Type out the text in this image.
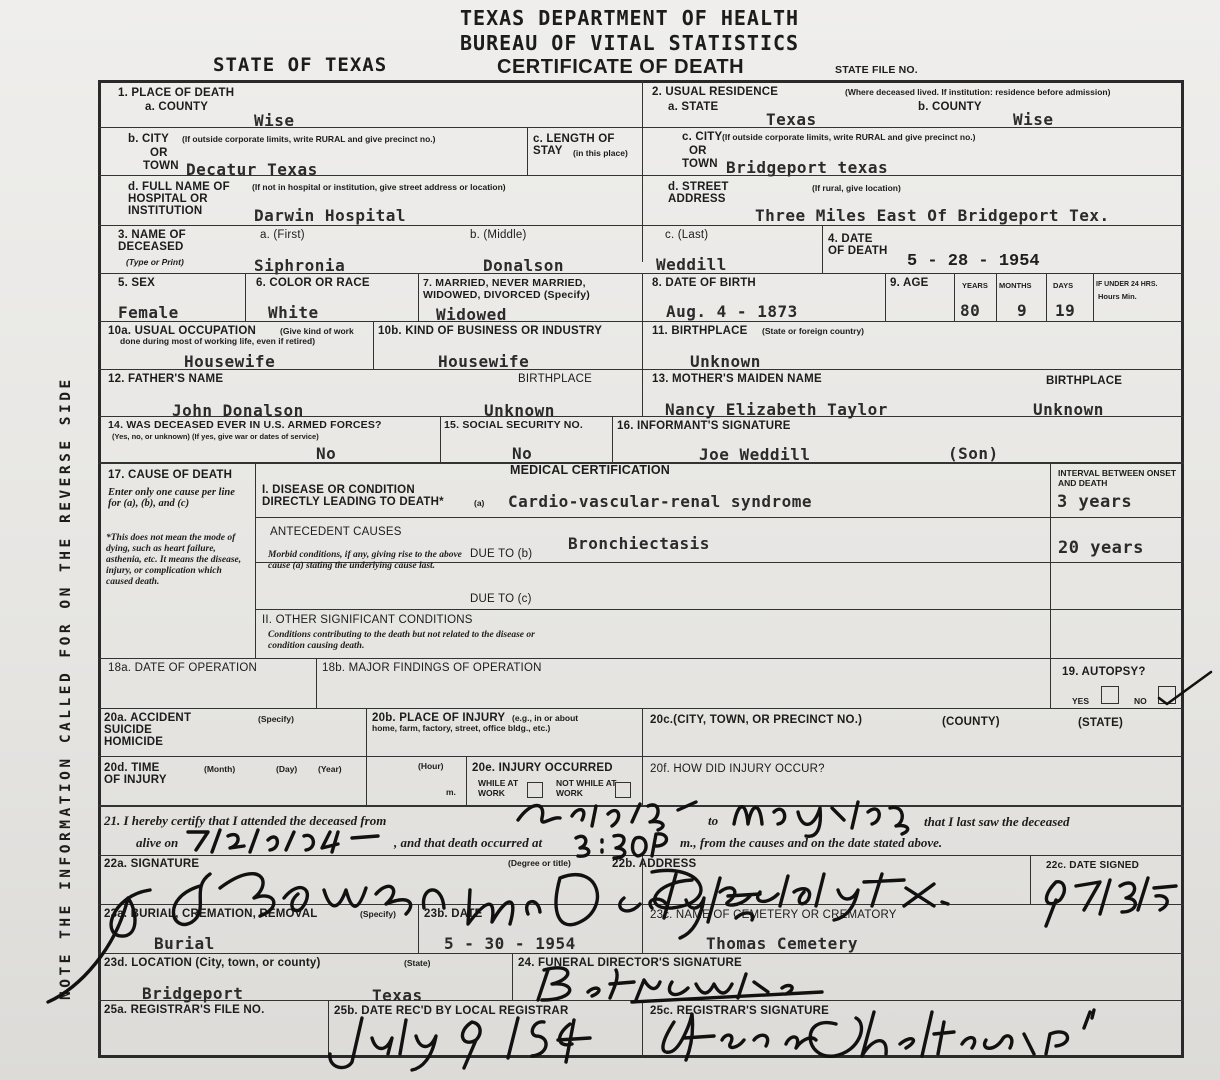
TEXAS DEPARTMENT OF HEALTH
BUREAU OF VITAL STATISTICS
STATE OF TEXAS	CERTIFICATE OF DEATH	STATE FILE NO.
NOTE THE INFORMATION CALLED FOR ON THE REVERSE SIDE
1. PLACE OF DEATH
a. COUNTY
Wise
b. CITY (If outside corporate limits, write RURAL and give precinct no.)
OR
TOWN Decatur Texas
c. LENGTH OF STAY	(in this place)
d. FULL NAME OF HOSPITAL OR INSTITUTION
(If not in hospital or institution, give street address or location)
Darwin Hospital
2. USUAL RESIDENCE	(Where deceased lived. If institution: residence before admission)
a. STATE
Texas
b. COUNTY
Wise
c. CITY (If outside corporate limits, write RURAL and give precinct no.)
OR
TOWN Bridgeport texas
d. STREET ADDRESS
(If rural, give location)
Three Miles East Of Bridgeport Tex.
3. NAME OF DECEASED
(Type or Print)
a. (First)
Siphronia
b. (Middle)
Donalson
c. (Last)
Weddill
4. DATE OF DEATH
5 - 28 - 1954
5. SEX
Female
6. COLOR OR RACE
White
7. MARRIED, NEVER MARRIED, WIDOWED, DIVORCED (Specify)
Widowed
8. DATE OF BIRTH
Aug. 4 - 1873
9. AGE	YEARS MONTHS	DAYS	IF UNDER 24 HRS.
Hours Min.
80 9 19
10a. USUAL OCCUPATION	(Give kind of work done during most of working life, even if retired)
Housewife
10b. KIND OF BUSINESS OR INDUSTRY
Housewife
11. BIRTHPLACE (State or foreign country)
Unknown
12. FATHER'S NAME	BIRTHPLACE
John Donalson	Unknown
13. MOTHER'S MAIDEN NAME	BIRTHPLACE
Nancy Elizabeth Taylor	Unknown
14. WAS DECEASED EVER IN U.S. ARMED FORCES?
(Yes, no, or unknown) (If yes, give war or dates of service)
No
15. SOCIAL SECURITY NO.
No
16. INFORMANT'S SIGNATURE
Joe Weddill	(Son)
17. CAUSE OF DEATH	MEDICAL CERTIFICATION	INTERVAL BETWEEN ONSET AND DEATH
Enter only one cause per line for (a), (b), and (c)
*This does not mean the mode of dying, such as heart failure, asthenia, etc. It means the disease, injury, or complication which caused death.
I. DISEASE OR CONDITION DIRECTLY LEADING TO DEATH*	(a) Cardio-vascular-renal syndrome	3 years
ANTECEDENT CAUSES
Morbid conditions, if any, giving rise to the above cause (a) stating the underlying cause last.
DUE TO (b)
Bronchiectasis	20 years
DUE TO (c)
II. OTHER SIGNIFICANT CONDITIONS
Conditions contributing to the death but not related to the disease or condition causing death.
18a. DATE OF OPERATION	18b. MAJOR FINDINGS OF OPERATION	19. AUTOPSY?
YES	NO
20a. ACCIDENT SUICIDE HOMICIDE
(Specify)	20b. PLACE OF INJURY (e.g., in or about home, farm, factory, street, office bldg., etc.)
20c.(CITY, TOWN, OR PRECINCT NO.)	(COUNTY)	(STATE)
20d. TIME OF INJURY
(Month)	(Day) (Year)	(Hour)
m.
20e. INJURY OCCURRED
WHILE AT WORK
NOT WHILE AT WORK
20f. HOW DID INJURY OCCUR?
21. I hereby certify that I attended the deceased from	to	that I last saw the deceased
alive on	, and that death occurred at	m., from the causes and on the date stated above.
22a. SIGNATURE	(Degree or title)	22b. ADDRESS	22c. DATE SIGNED
23a. BURIAL, CREMATION, REMOVAL	(Specify)
Burial
23b. DATE
5 - 30 - 1954
23c. NAME OF CEMETERY OR CREMATORY
Thomas Cemetery
23d. LOCATION (City, town, or county)	(State)
Bridgeport	Texas
24. FUNERAL DIRECTOR'S SIGNATURE
25a. REGISTRAR'S FILE NO.	25b. DATE REC'D BY LOCAL REGISTRAR	25c. REGISTRAR'S SIGNATURE
